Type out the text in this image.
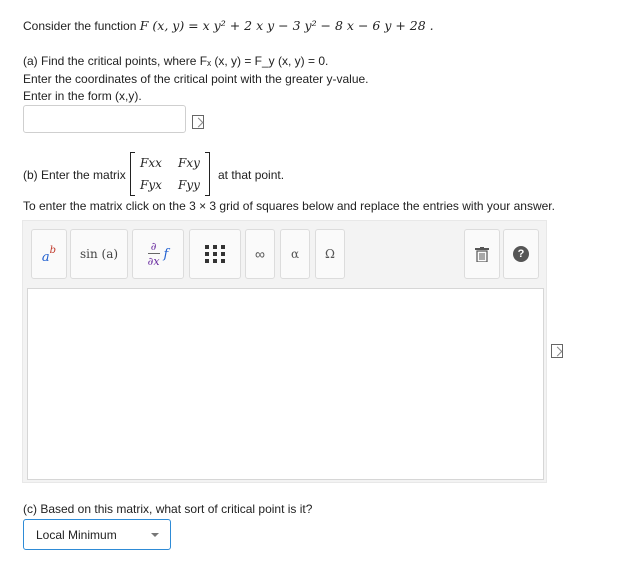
Consider the function F (x, y) = x y² + 2 x y − 3 y² − 8 x − 6 y + 28 .
(a) Find the critical points, where Fₓ (x, y) = F_y (x, y) = 0.
Enter the coordinates of the critical point with the greater y-value.
Enter in the form (x,y).
(b) Enter the matrix
Fxx Fxy
Fyx Fyy
at that point.
To enter the matrix click on the 3 × 3 grid of squares below and replace the entries with your answer.
a b sin (a)
∂
∂x f	∞ α Ω	?
(c) Based on this matrix, what sort of critical point is it?
Local Minimum
